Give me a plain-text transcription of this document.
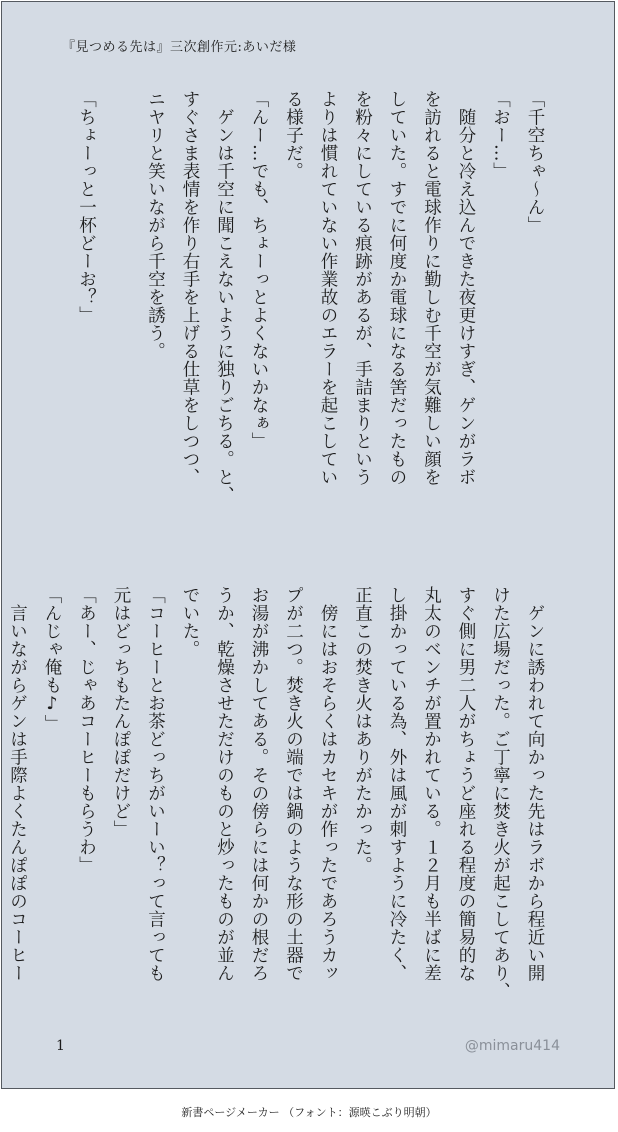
『見つめる先は』三次創作元:あいだ様
「千空ちゃ〜ん」
「おー…」
　随分と冷え込んできた夜更けすぎ、ゲンがラボ
を訪れると電球作りに勤しむ千空が気難しい顔を
していた。すでに何度か電球になる筈だったもの
を粉々にしている痕跡があるが、手詰まりという
よりは慣れていない作業故のエラーを起こしてい
る様子だ。
「んー…でも、ちょーっとよくないかなぁ」
　ゲンは千空に聞こえないように独りごちる。と、
すぐさま表情を作り右手を上げる仕草をしつつ、
ニヤリと笑いながら千空を誘う。

「ちょーっと一杯どーお？」
　ゲンに誘われて向かった先はラボから程近い開
けた広場だった。ご丁寧に焚き火が起こしてあり、
すぐ側に男二人がちょうど座れる程度の簡易的な
丸太のベンチが置かれている。１２月も半ばに差
し掛かっている為、外は風が刺すように冷たく、
正直この焚き火はありがたかった。
　傍にはおそらくはカセキが作ったであろうカッ
プが二つ。焚き火の端では鍋のような形の土器で
お湯が沸かしてある。その傍らには何かの根だろ
うか、乾燥させただけのものと炒ったものが並ん
でいた。
「コーヒーとお茶どっちがいーい？って言っても
元はどっちもたんぽぽだけど」
「あー、じゃあコーヒーもらうわ」
「んじゃ俺も♪」
　言いながらゲンは手際よくたんぽぽのコーヒー
1	@mimaru414
新書ページメーカー （フォント：源暎こぶり明朝）
